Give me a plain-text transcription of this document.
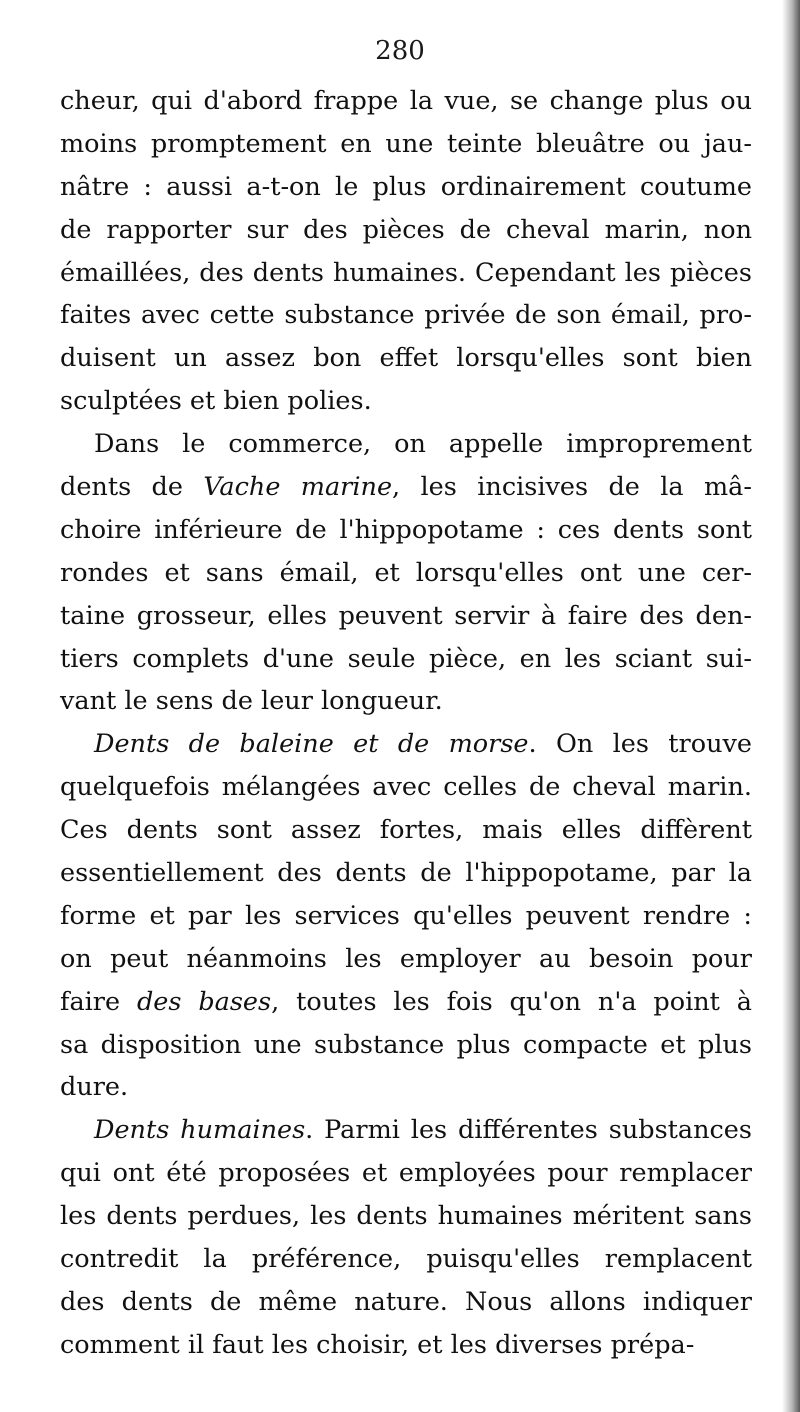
280
cheur, qui d'abord frappe la vue, se change plus ou
moins promptement en une teinte bleuâtre ou jau-
nâtre : aussi a-t-on le plus ordinairement coutume
de rapporter sur des pièces de cheval marin, non
émaillées, des dents humaines. Cependant les pièces
faites avec cette substance privée de son émail, pro-
duisent un assez bon effet lorsqu'elles sont bien
sculptées et bien polies.
Dans le commerce, on appelle improprement
dents de Vache marine, les incisives de la mâ-
choire inférieure de l'hippopotame : ces dents sont
rondes et sans émail, et lorsqu'elles ont une cer-
taine grosseur, elles peuvent servir à faire des den-
tiers complets d'une seule pièce, en les sciant sui-
vant le sens de leur longueur.
Dents de baleine et de morse. On les trouve
quelquefois mélangées avec celles de cheval marin.
Ces dents sont assez fortes, mais elles diffèrent
essentiellement des dents de l'hippopotame, par la
forme et par les services qu'elles peuvent rendre :
on peut néanmoins les employer au besoin pour
faire des bases, toutes les fois qu'on n'a point à
sa disposition une substance plus compacte et plus
dure.
Dents humaines. Parmi les différentes substances
qui ont été proposées et employées pour remplacer
les dents perdues, les dents humaines méritent sans
contredit la préférence, puisqu'elles remplacent
des dents de même nature. Nous allons indiquer
comment il faut les choisir, et les diverses prépa-
